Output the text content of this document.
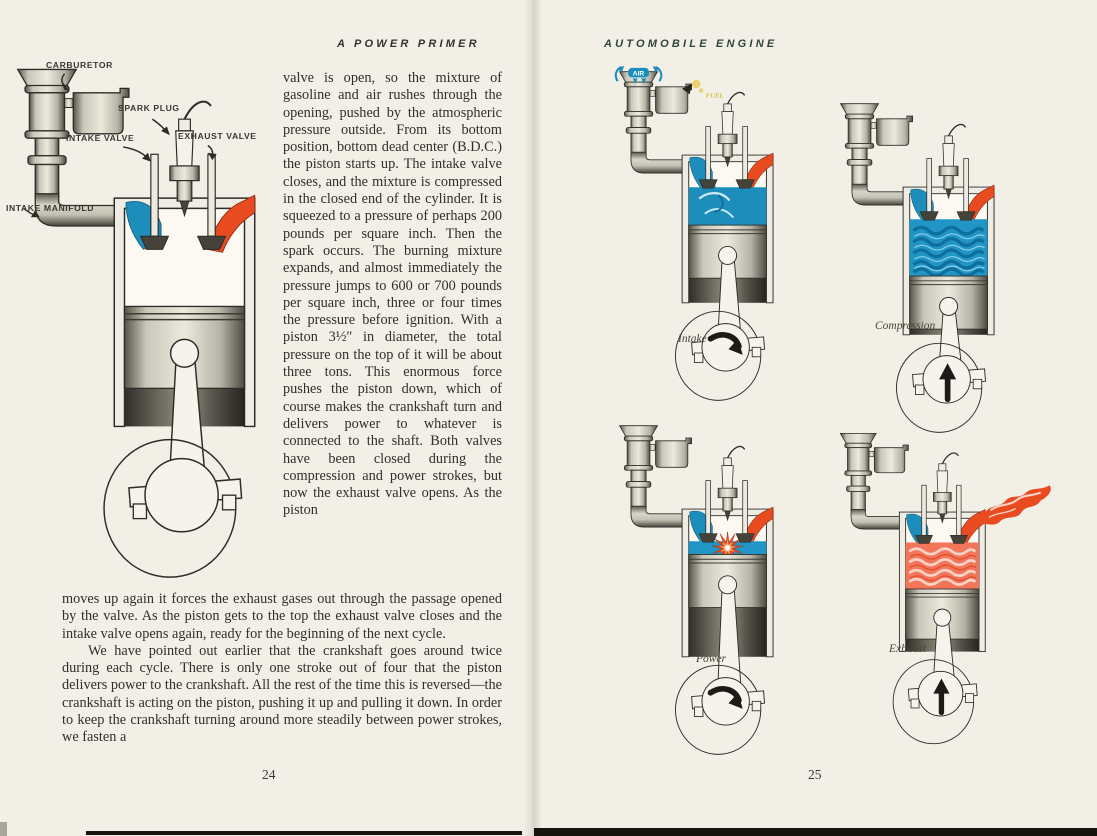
A POWER PRIMER
CARBURETOR
SPARK PLUG
INTAKE VALVE	EXHAUST VALVE
INTAKE MANIFOLD
valve is open, so the mixture of gasoline and air rushes through the opening, pushed by the atmospheric pressure outside. From its bottom position, bottom dead center (B.D.C.) the piston starts up. The intake valve closes, and the mixture is compressed in the closed end of the cylinder. It is squeezed to a pressure of perhaps 200 pounds per square inch. Then the spark occurs. The burning mixture expands, and almost immediately the pressure jumps to 600 or 700 pounds per square inch, three or four times the pressure before ignition. With a piston 3½″ in diameter, the total pressure on the top of it will be about three tons. This enormous force pushes the piston down, which of course makes the crankshaft turn and delivers power to whatever is connected to the shaft. Both valves have been closed during the compression and power strokes, but now the exhaust valve opens. As the piston

moves up again it forces the exhaust gases out through the passage opened by the valve. As the piston gets to the top the exhaust valve closes and the intake valve opens again, ready for the beginning of the next cycle.

We have pointed out earlier that the crankshaft goes around twice during each cycle. There is only one stroke out of four that the piston delivers power to the crankshaft. All the rest of the time this is reversed—the crankshaft is acting on the piston, pushing it up and pulling it down. In order to keep the crankshaft turning around more steadily between power strokes, we fasten a

24
AUTOMOBILE ENGINE
AIR
FUEL
Intake
Compression
Power
Exhaust
25
